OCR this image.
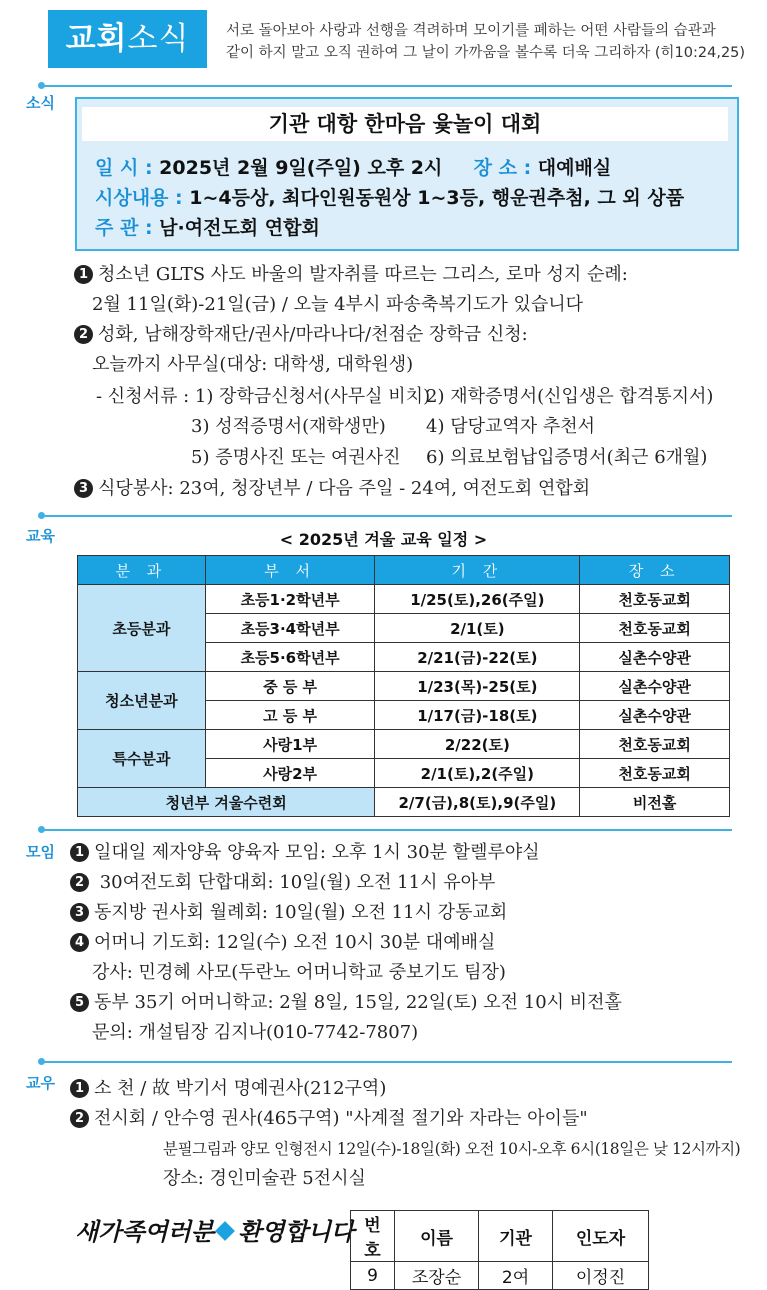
교회소식	서로 돌아보아 사랑과 선행을 격려하며 모이기를 폐하는 어떤 사람들의 습관과
같이 하지 말고 오직 권하여 그 날이 가까움을 볼수록 더욱 그리하자 (히10:24,25)
소식
기관 대항 한마음 윷놀이 대회
일 시 : 2025년 2월 9일(주일) 오후 2시 장 소 : 대예배실
시상내용 : 1~4등상, 최다인원동원상 1~3등, 행운권추첨, 그 외 상품
주 관 : 남·여전도회 연합회
1 청소년 GLTS 사도 바울의 발자취를 따르는 그리스, 로마 성지 순례:
2월 11일(화)-21일(금) / 오늘 4부시 파송축복기도가 있습니다
2 성화, 남해장학재단/권사/마라나다/천점순 장학금 신청:
오늘까지 사무실(대상: 대학생, 대학원생)
- 신청서류 : 1) 장학금신청서(사무실 비치)
2) 재학증명서(신입생은 합격통지서)
3) 성적증명서(재학생만) 4) 담당교역자 추천서
5) 증명사진 또는 여권사진 6) 의료보험납입증명서(최근 6개월)
3 식당봉사: 23여, 청장년부 / 다음 주일 - 24여, 여전도회 연합회
교육	< 2025년 겨울 교육 일정 >
분 과	부 서	기 간	장 소
초등분과	초등1·2학년부	1/25(토),26(주일)	천호동교회
	초등3·4학년부	2/1(토)	천호동교회
	초등5·6학년부	2/21(금)-22(토)	실촌수양관
청소년분과	중 등 부	1/23(목)-25(토)	실촌수양관
	고 등 부	1/17(금)-18(토)	실촌수양관
특수분과	사랑1부	2/22(토)	천호동교회
	사랑2부	2/1(토),2(주일)	천호동교회
청년부 겨울수련회		2/7(금),8(토),9(주일)	비전홀
모임	1 일대일 제자양육 양육자 모임: 오후 1시 30분 할렐루야실
2 30여전도회 단합대회: 10일(월) 오전 11시 유아부
3 동지방 권사회 월례회: 10일(월) 오전 11시 강동교회
4 어머니 기도회: 12일(수) 오전 10시 30분 대예배실
강사: 민경혜 사모(두란노 어머니학교 중보기도 팀장)
5 동부 35기 어머니학교: 2월 8일, 15일, 22일(토) 오전 10시 비전홀
문의: 개설팀장 김지나(010-7742-7807)
교우	1 소 천 / 故 박기서 명예권사(212구역)
2 전시회 / 안수영 권사(465구역) "사계절 절기와 자라는 아이들"
분필그림과 양모 인형전시 12일(수)-18일(화) 오전 10시-오후 6시(18일은 낮 12시까지)
장소: 경인미술관 5전시실
새가족여러분 환영합니다 번호	이름	기관	인도자
9	조장순	2여	이정진
